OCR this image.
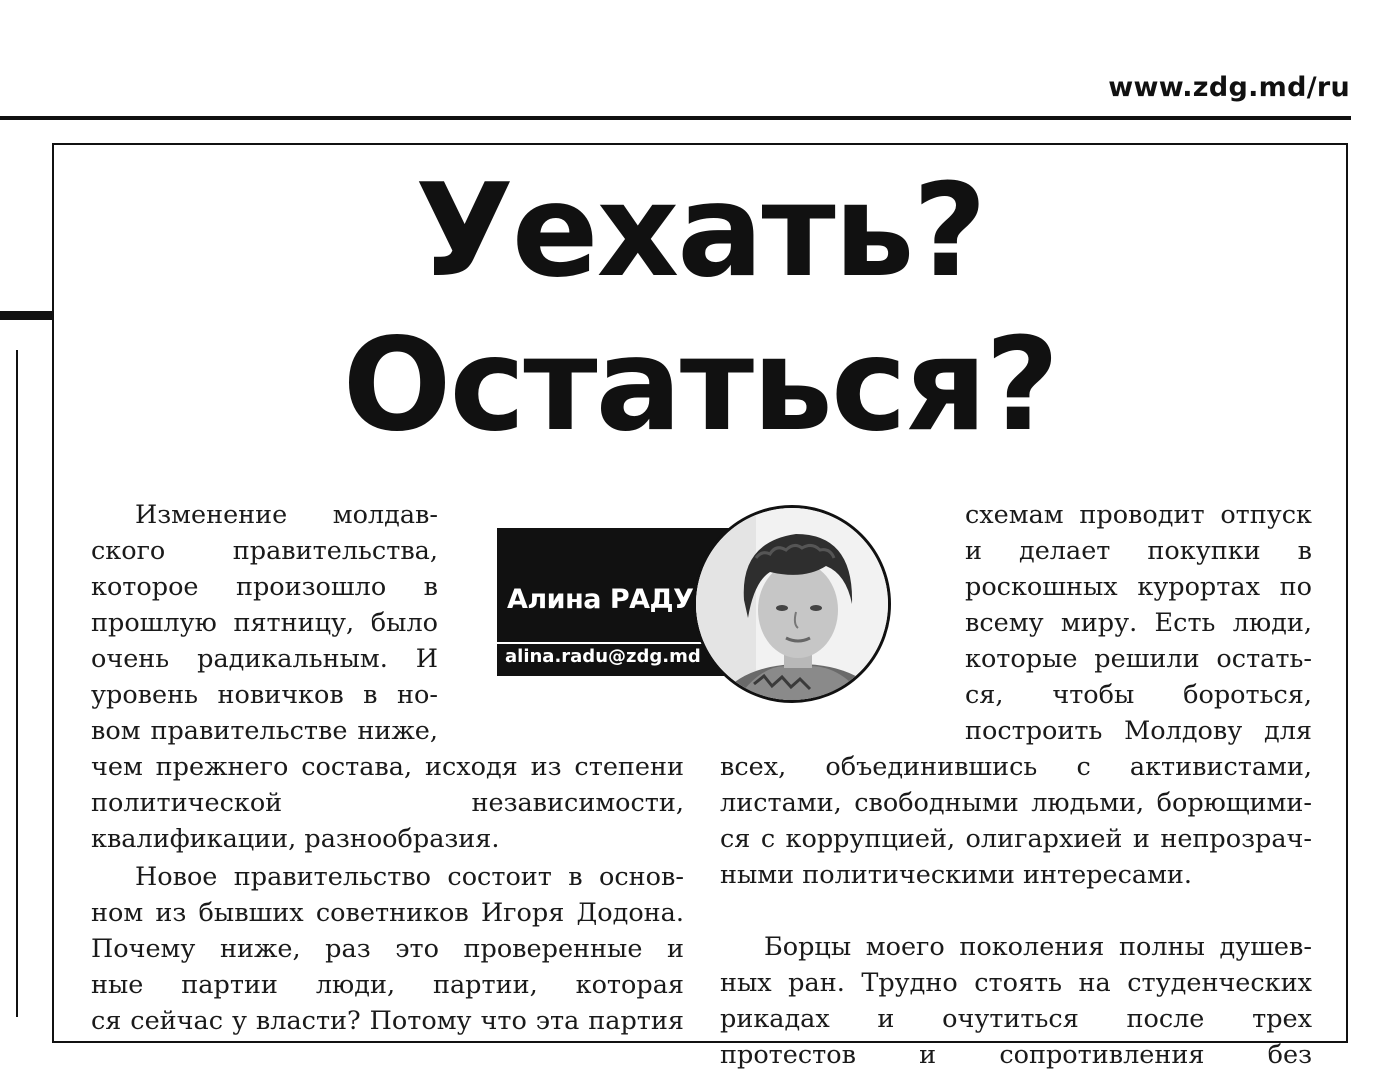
www.zdg.md/ru
Уехать?
Остаться?
Изменение молдав-
ского правительства,
которое произошло в
прошлую пятницу, было
очень радикальным. И
уровень новичков в но-
вом правительстве ниже,
чем прежнего состава, исходя из степени
политической независимости,
квалификации, разнообразия.
Новое правительство состоит в основ-
ном из бывших советников Игоря Додона.
Почему ниже, раз это проверенные и
ные партии люди, партии, которая
ся сейчас у власти? Потому что эта партия
схемам проводит отпуск
и делает покупки в
роскошных курортах по
всему миру. Есть люди,
которые решили остать-
ся, чтобы бороться,
построить Молдову для
всех, объединившись с активистами,
листами, свободными людьми, борющими-
ся с коррупцией, олигархией и непрозрач-
ными политическими интересами.
Борцы моего поколения полны душев-
ных ран. Трудно стоять на студенческих
рикадах и очутиться после трех
протестов и сопротивления без
Алина РАДУ
alina.radu@zdg.md
